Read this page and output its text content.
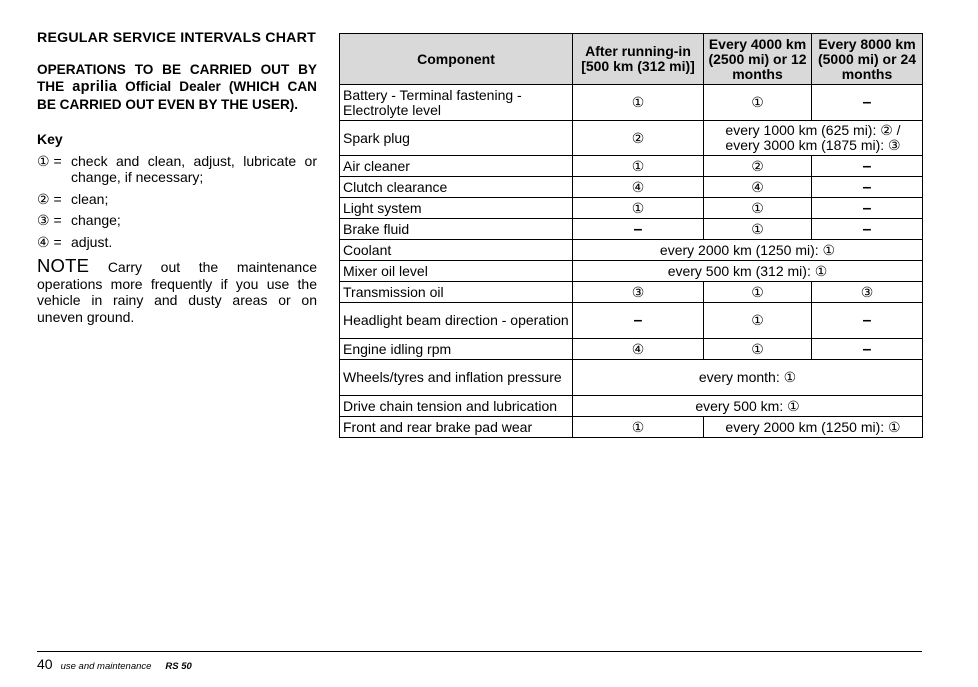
REGULAR SERVICE INTERVALS CHART
OPERATIONS TO BE CARRIED OUT BY THE aprilia Official Dealer (WHICH CAN BE CARRIED OUT EVEN BY THE USER).
Key
① = check and clean, adjust, lubricate or change, if necessary;
② = clean;
③ = change;
④ = adjust.
NOTE Carry out the maintenance operations more frequently if you use the vehicle in rainy and dusty areas or on uneven ground.
Component	After running-in [500 km (312 mi)]	Every 4000 km (2500 mi) or 12 months	Every 8000 km (5000 mi) or 24 months
Battery - Terminal fastening - Electrolyte level	①	①	–
Spark plug	②	every 1000 km (625 mi): ② / every 3000 km (1875 mi): ③	
Air cleaner	①	②	–
Clutch clearance	④	④	–
Light system	①	①	–
Brake fluid	–	①	–
Coolant	every 2000 km (1250 mi): ①		
Mixer oil level	every 500 km (312 mi): ①		
Transmission oil	③	①	③
Headlight beam direction - operation	–	①	–
Engine idling rpm	④	①	–
Wheels/tyres and inflation pressure	every month: ①		
Drive chain tension and lubrication	every 500 km: ①		
Front and rear brake pad wear	①	every 2000 km (1250 mi): ①	
40 use and maintenance RS 50
